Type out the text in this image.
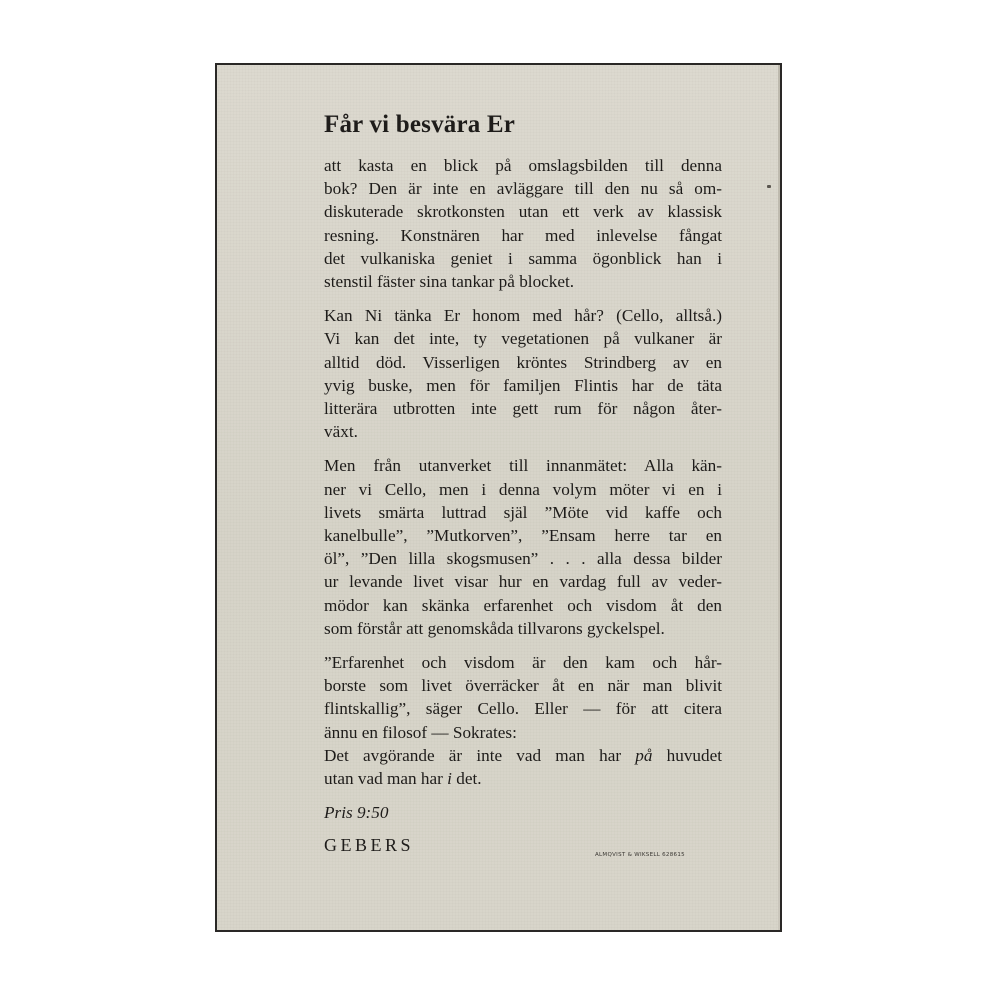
Får vi besvära Er

att kasta en blick på omslagsbilden till denna
bok? Den är inte en avläggare till den nu så om-
diskuterade skrotkonsten utan ett verk av klassisk
resning. Konstnären har med inlevelse fångat
det vulkaniska geniet i samma ögonblick han i
stenstil fäster sina tankar på blocket.

Kan Ni tänka Er honom med hår? (Cello, alltså.)
Vi kan det inte, ty vegetationen på vulkaner är
alltid död. Visserligen kröntes Strindberg av en
yvig buske, men för familjen Flintis har de täta
litterära utbrotten inte gett rum för någon åter-
växt.

Men från utanverket till innanmätet: Alla kän-
ner vi Cello, men i denna volym möter vi en i
livets smärta luttrad själ ”Möte vid kaffe och
kanelbulle”, ”Mutkorven”, ”Ensam herre tar en
öl”, ”Den lilla skogsmusen” . . . alla dessa bilder
ur levande livet visar hur en vardag full av veder-
mödor kan skänka erfarenhet och visdom åt den
som förstår att genomskåda tillvarons gyckelspel.

”Erfarenhet och visdom är den kam och hår-
borste som livet överräcker åt en när man blivit
flintskallig”, säger Cello. Eller — för att citera
ännu en filosof — Sokrates:
Det avgörande är inte vad man har på huvudet
utan vad man har i det.

Pris 9:50

GEBERS	ALMQVIST & WIKSELL 628615
